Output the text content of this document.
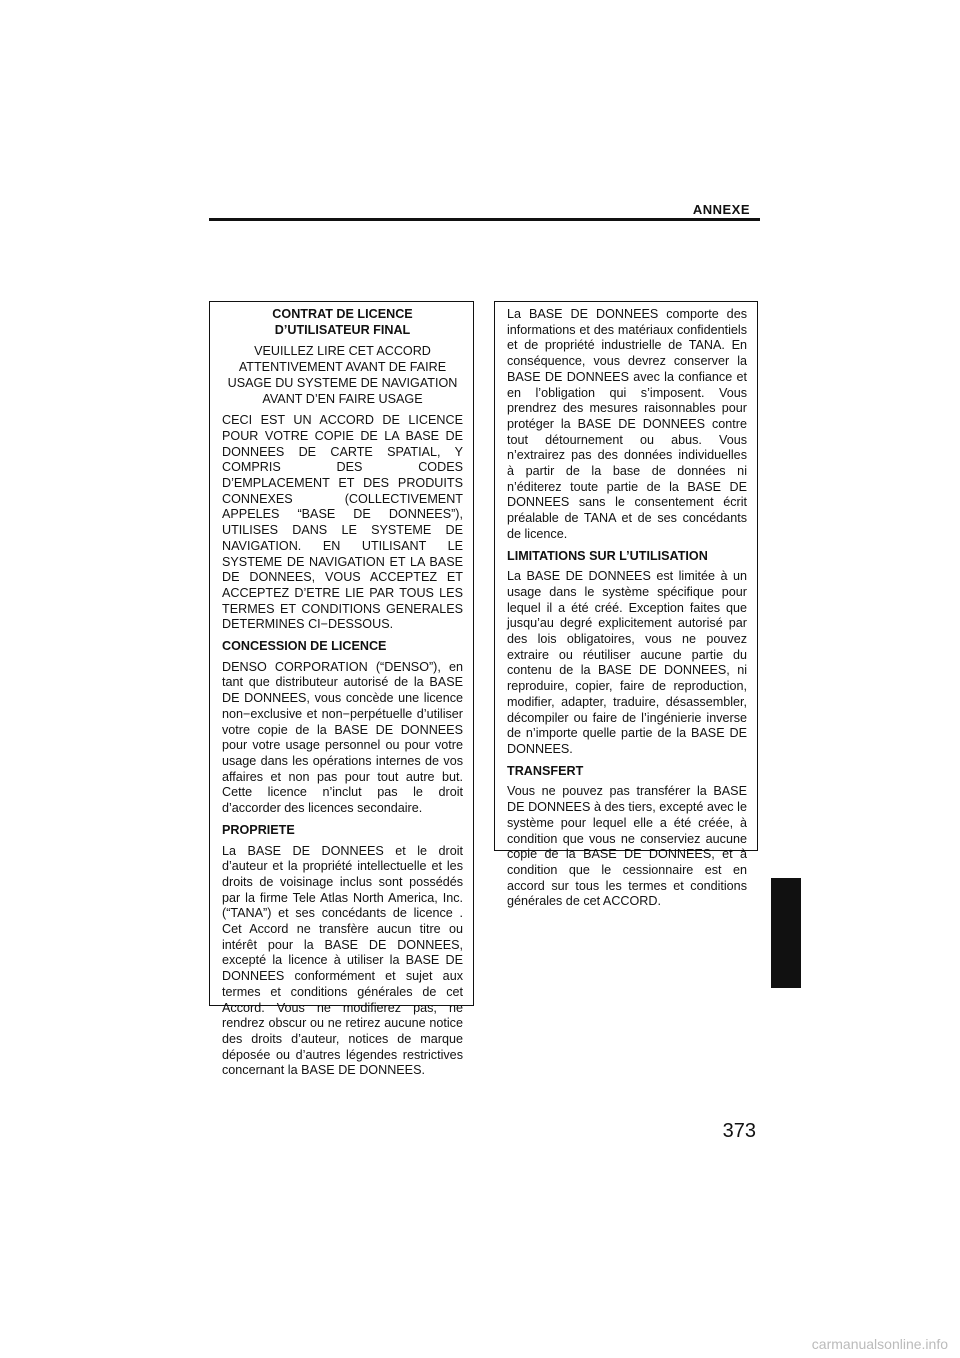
ANNEXE

CONTRAT DE LICENCE
D’UTILISATEUR FINAL

VEUILLEZ LIRE CET ACCORD ATTENTIVEMENT AVANT DE FAIRE USAGE DU SYSTEME DE NAVIGATION AVANT D’EN FAIRE USAGE

CECI EST UN ACCORD DE LICENCE POUR VOTRE COPIE DE LA BASE DE DONNEES DE CARTE SPATIAL, Y COMPRIS DES CODES D’EMPLACEMENT ET DES PRODUITS CONNEXES (COLLECTIVEMENT APPELES “BASE DE DONNEES”), UTILISES DANS LE SYSTEME DE NAVIGATION. EN UTILISANT LE SYSTEME DE NAVIGATION ET LA BASE DE DONNEES, VOUS ACCEPTEZ ET ACCEPTEZ D’ETRE LIE PAR TOUS LES TERMES ET CONDITIONS GENERALES DETERMINES CI−DESSOUS.

CONCESSION DE LICENCE

DENSO CORPORATION (“DENSO”), en tant que distributeur autorisé de la BASE DE DONNEES, vous concède une licence non−exclusive et non−perpétuelle d’utiliser votre copie de la BASE DE DONNEES pour votre usage personnel ou pour votre usage dans les opérations internes de vos affaires et non pas pour tout autre but. Cette licence n’inclut pas le droit d’accorder des licences secondaire.

PROPRIETE

La BASE DE DONNEES et le droit d’auteur et la propriété intellectuelle et les droits de voisinage inclus sont possédés par la firme Tele Atlas North America, Inc. (“TANA”) et ses concédants de licence . Cet Accord ne transfère aucun titre ou intérêt pour la BASE DE DONNEES, excepté la licence à utiliser la BASE DE DONNEES conformément et sujet aux termes et conditions générales de cet Accord. Vous ne modifierez pas, ne rendrez obscur ou ne retirez aucune notice des droits d’auteur, notices de marque déposée ou d’autres légendes restrictives concernant la BASE DE DONNEES.

La BASE DE DONNEES comporte des informations et des matériaux confidentiels et de propriété industrielle de TANA. En conséquence, vous devrez conserver la BASE DE DONNEES avec la confiance et en l’obligation qui s’imposent. Vous prendrez des mesures raisonnables pour protéger la BASE DE DONNEES contre tout détournement ou abus. Vous n’extrairez pas des données individuelles à partir de la base de données ni n’éditerez toute partie de la BASE DE DONNEES sans le consentement écrit préalable de TANA et de ses concédants de licence.

LIMITATIONS SUR L’UTILISATION

La BASE DE DONNEES est limitée à un usage dans le système spécifique pour lequel il a été créé. Exception faites que jusqu’au degré explicitement autorisé par des lois obligatoires, vous ne pouvez extraire ou réutiliser aucune partie du contenu de la BASE DE DONNEES, ni reproduire, copier, faire de reproduction, modifier, adapter, traduire, désassembler, décompiler ou faire de l’ingénierie inverse de n’importe quelle partie de la BASE DE DONNEES.

TRANSFERT

Vous ne pouvez pas transférer la BASE DE DONNEES à des tiers, excepté avec le système pour lequel elle a été créée, à condition que vous ne conserviez aucune copie de la BASE DE DONNEES, et à condition que le cessionnaire est en accord sur tous les termes et conditions générales de cet ACCORD.

373
carmanualsonline.info
